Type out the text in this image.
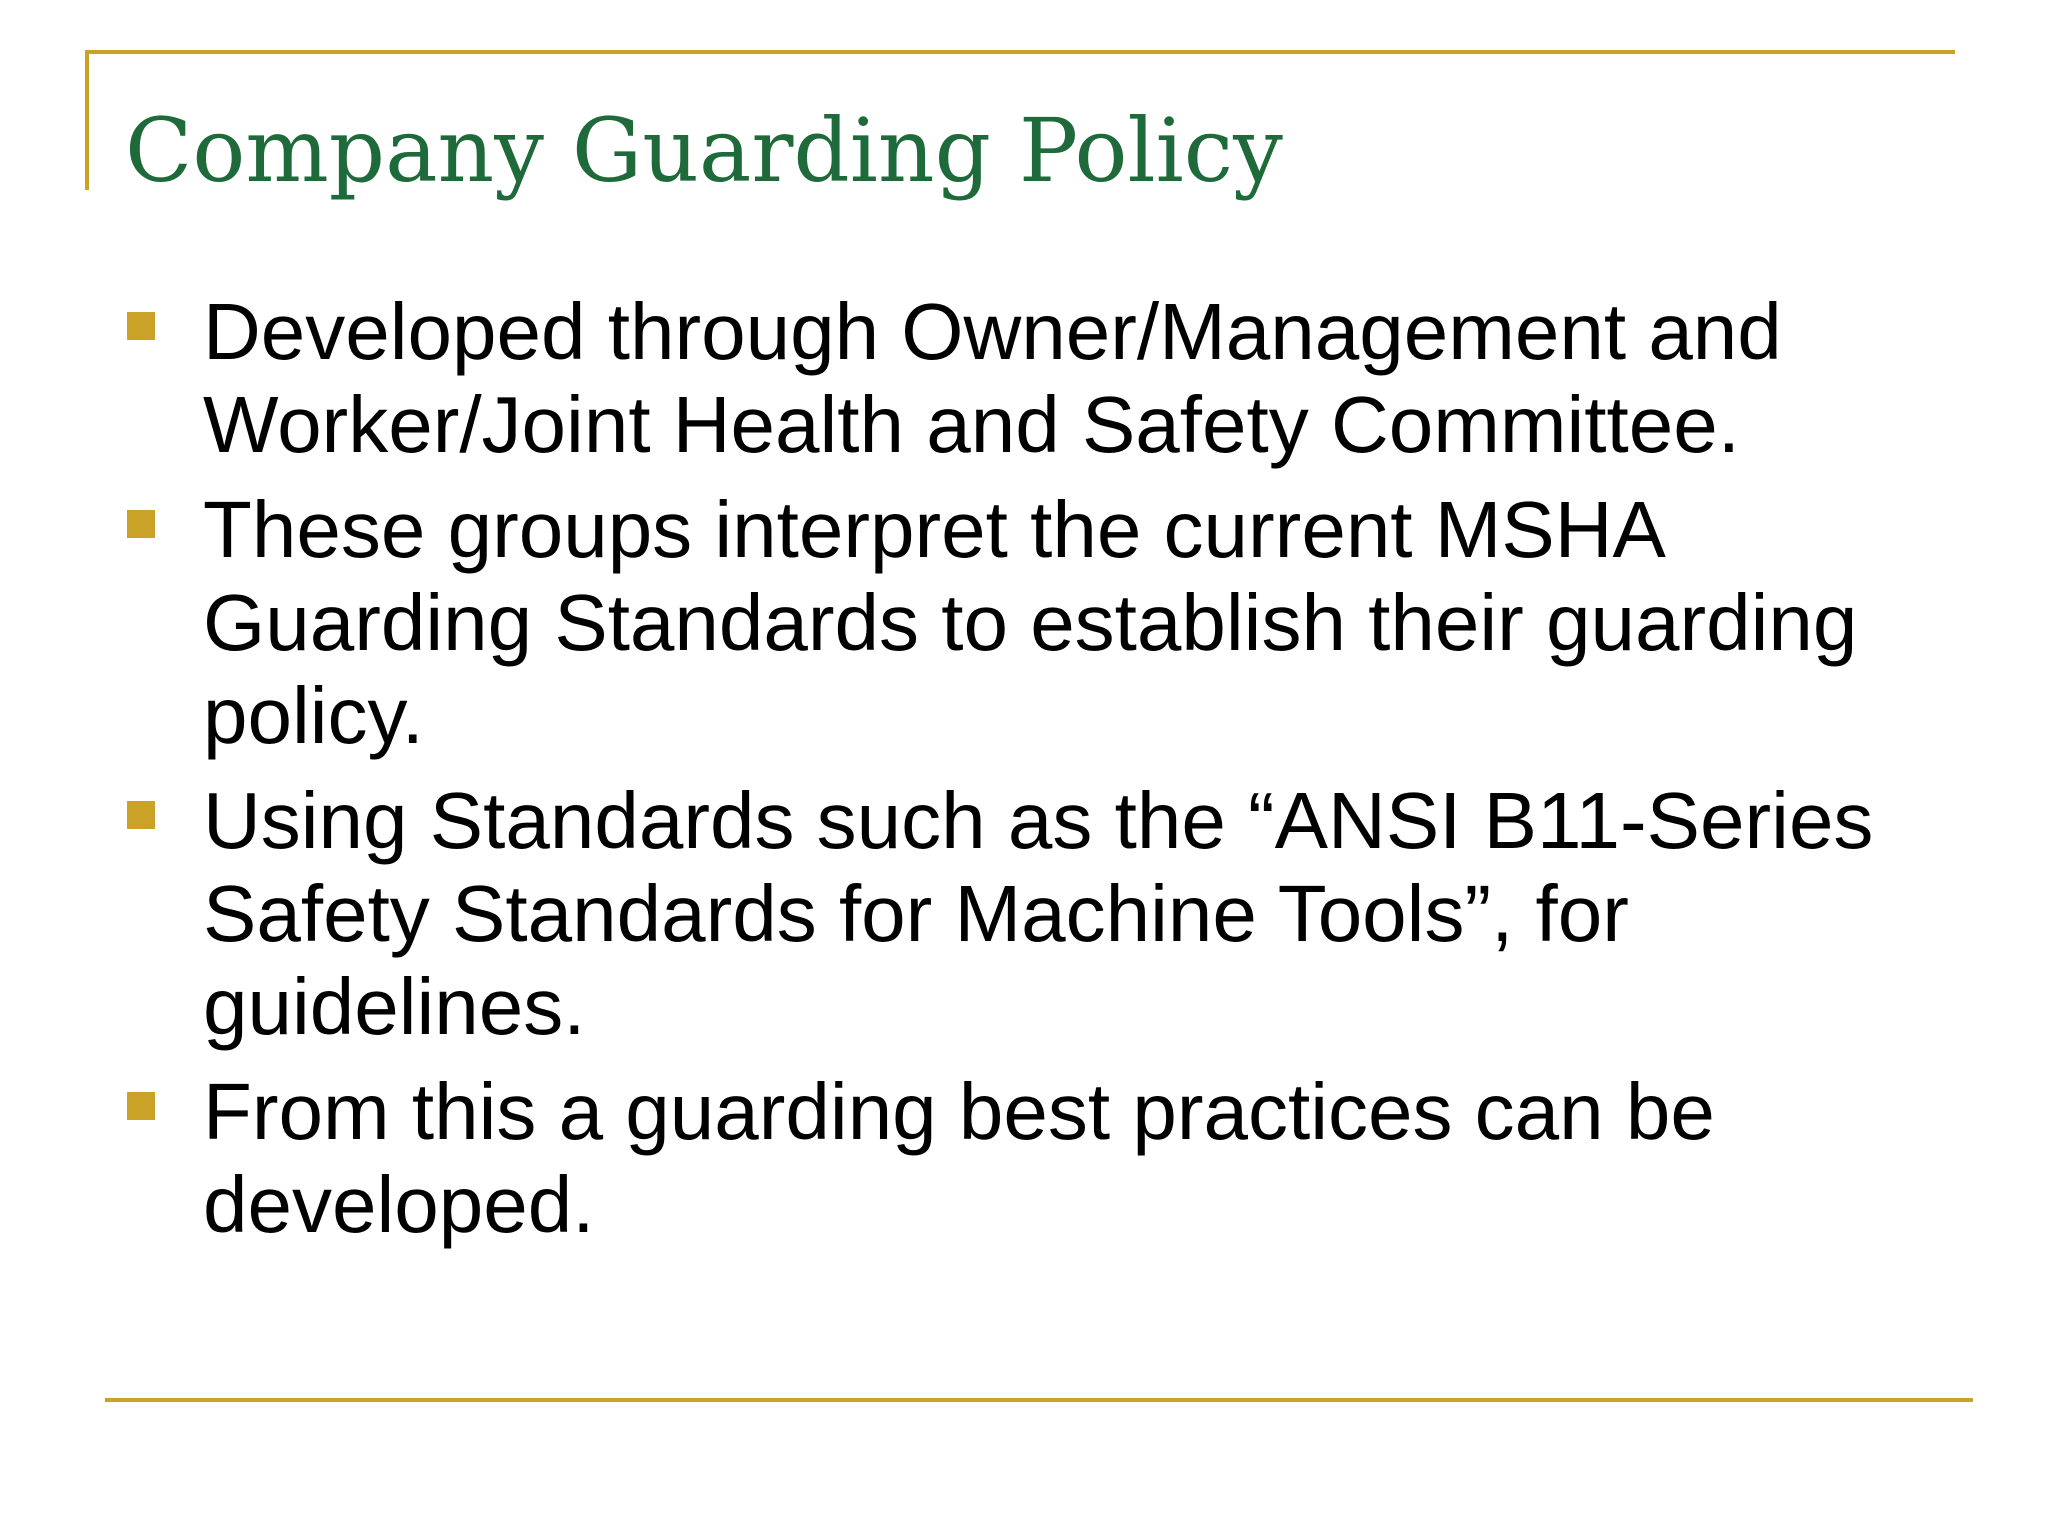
Company Guarding Policy
Developed through Owner/Management and Worker/Joint Health and Safety Committee.
These groups interpret the current MSHA Guarding Standards to establish their guarding policy.
Using Standards such as the “ANSI B11-Series Safety Standards for Machine Tools”, for guidelines.
From this a guarding best practices can be developed.
